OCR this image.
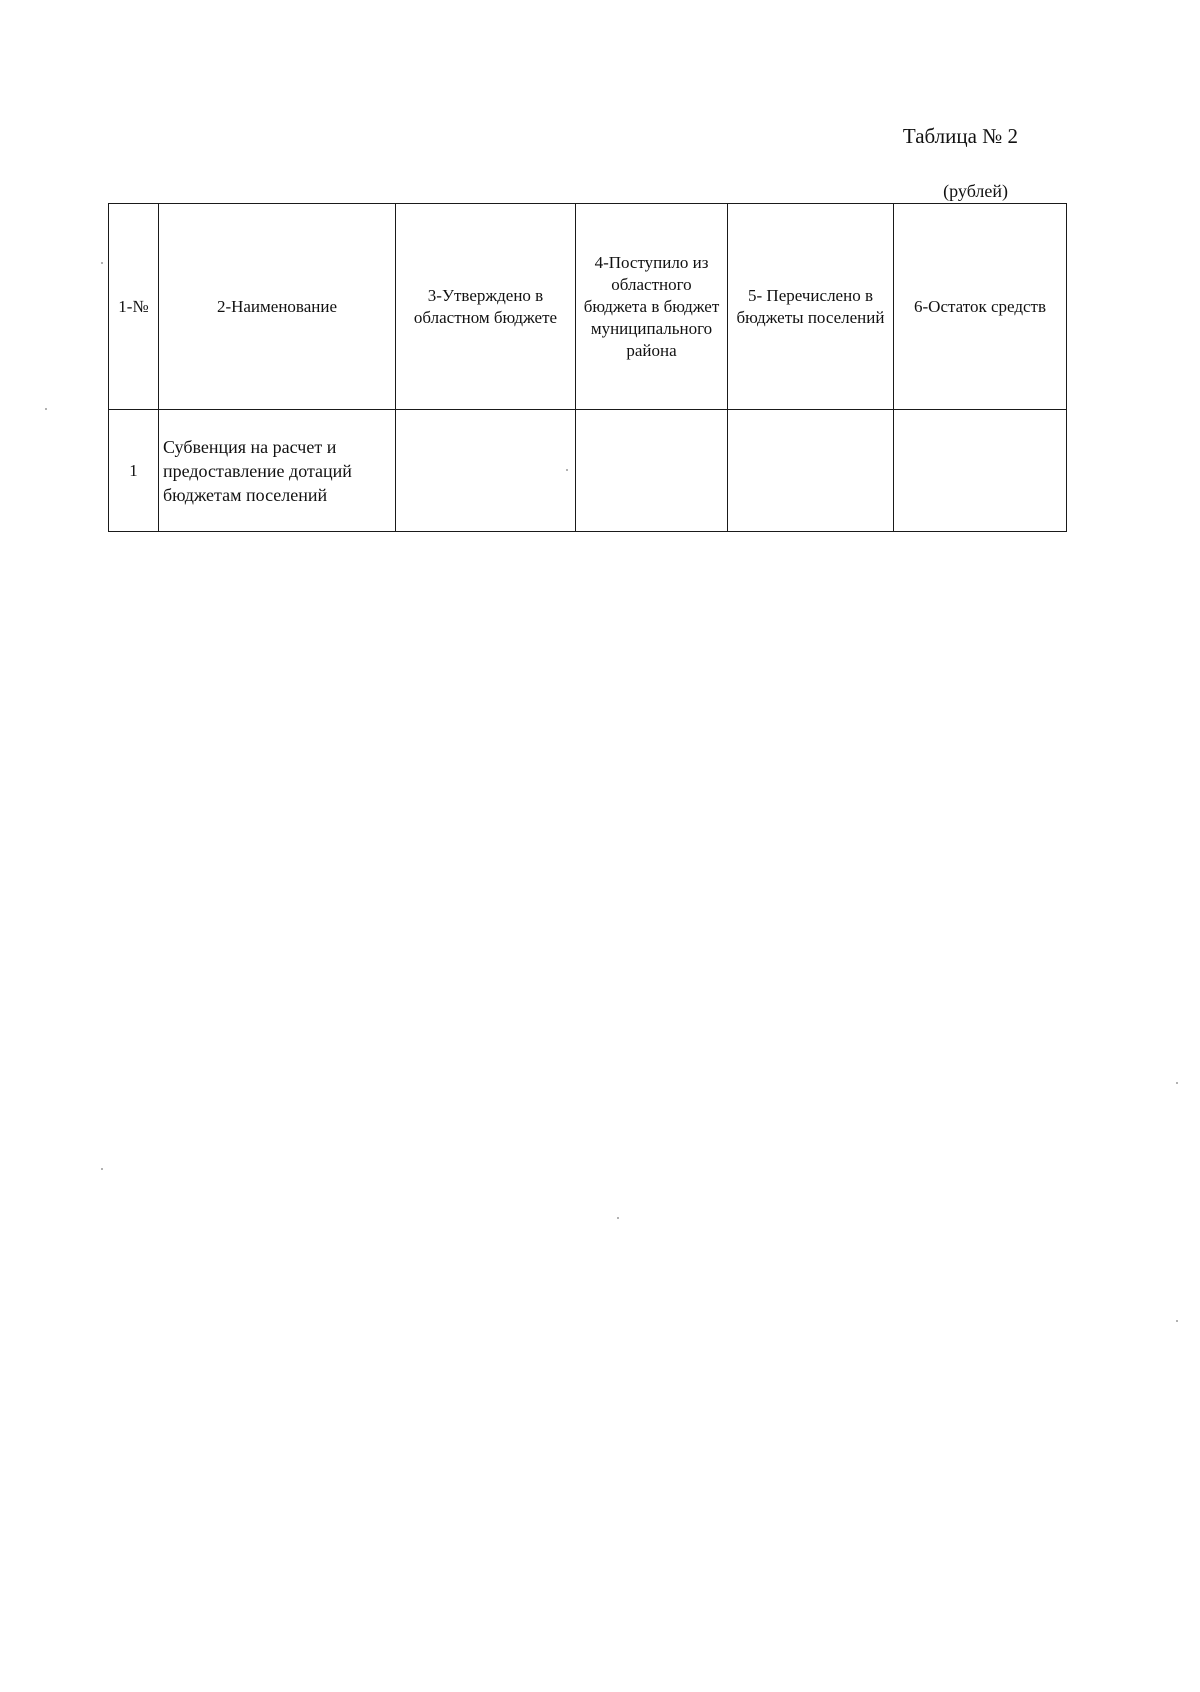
Таблица № 2
(рублей)
1-№	2-Наименование	3-Утверждено в областном бюджете	4-Поступило из областного бюджета в бюджет муниципального района	5- Перечислено в бюджеты поселений	6-Остаток средств
1	Субвенция на расчет и предоставление дотаций бюджетам поселений				
